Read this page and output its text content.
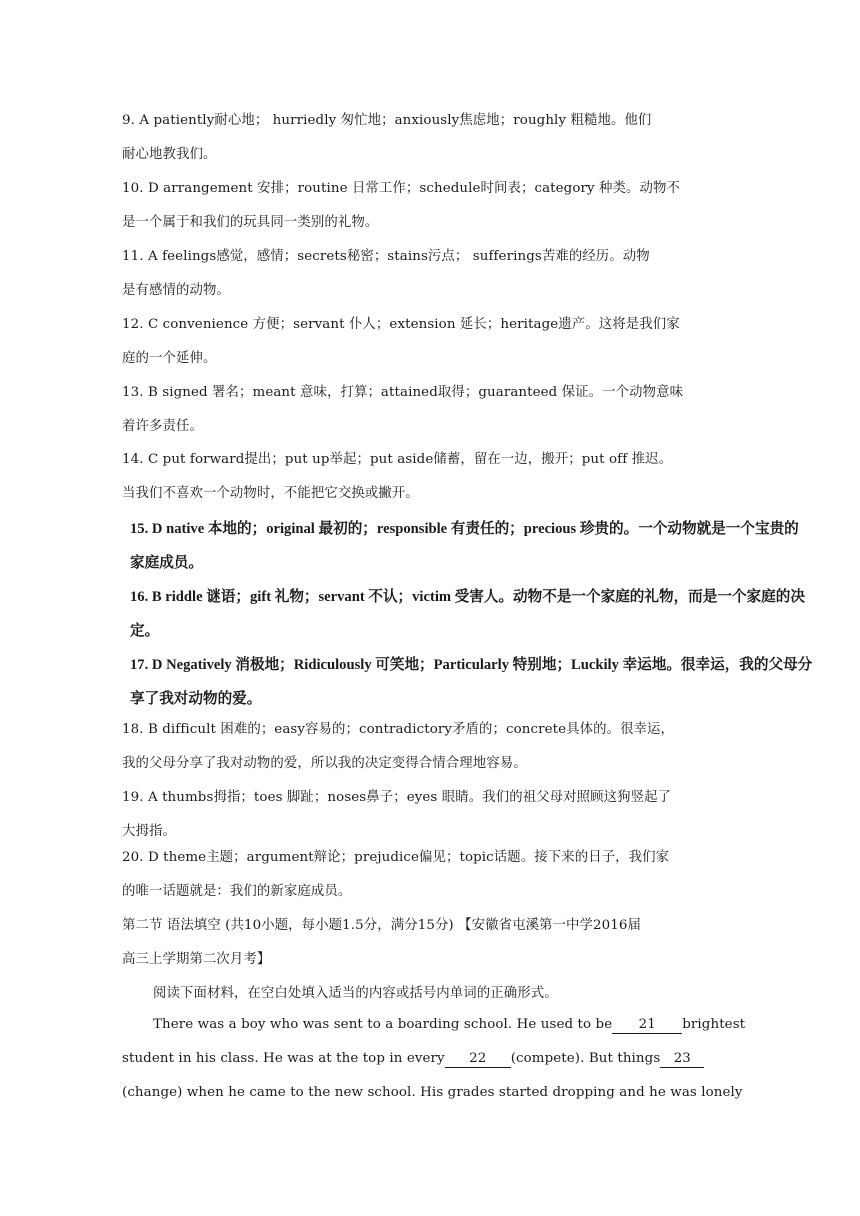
9. A patiently耐心地； hurriedly 匆忙地；anxiously焦虑地；roughly 粗糙地。他们
耐心地教我们。
10. D arrangement 安排；routine 日常工作；schedule时间表；category 种类。动物不
是一个属于和我们的玩具同一类别的礼物。
11. A feelings感觉，感情；secrets秘密；stains污点； sufferings苦难的经历。动物
是有感情的动物。
12. C convenience 方便；servant 仆人；extension 延长；heritage遗产。这将是我们家
庭的一个延伸。
13. B signed 署名；meant 意味，打算；attained取得；guaranteed 保证。一个动物意味
着许多责任。
14. C put forward提出；put up举起；put aside储蓄，留在一边，搬开；put off 推迟。
当我们不喜欢一个动物时，不能把它交换或撇开。
15. D native 本地的；original 最初的；responsible 有责任的；precious 珍贵的。一个动物就是一个宝贵的
家庭成员。
16. B riddle 谜语；gift 礼物；servant 不认；victim 受害人。动物不是一个家庭的礼物，而是一个家庭的决
定。
17. D Negatively 消极地；Ridiculously 可笑地；Particularly 特别地；Luckily 幸运地。很幸运，我的父母分
享了我对动物的爱。
18. B difficult 困难的；easy容易的；contradictory矛盾的；concrete具体的。很幸运，
我的父母分享了我对动物的爱，所以我的决定变得合情合理地容易。
19. A thumbs拇指；toes 脚趾；noses鼻子；eyes 眼睛。我们的祖父母对照顾这狗竖起了
大拇指。
20. D theme主题；argument辩论；prejudice偏见；topic话题。接下来的日子，我们家
的唯一话题就是：我们的新家庭成员。
第二节 语法填空 (共10小题，每小题1.5分，满分15分) 【安徽省屯溪第一中学2016届
高三上学期第二次月考】
阅读下面材料，在空白处填入适当的内容或括号内单词的正确形式。
There was a boy who was sent to a boarding school. He used to be 21 brightest
student in his class. He was at the top in every 22 (compete). But things 23
(change) when he came to the new school. His grades started dropping and he was lonely
